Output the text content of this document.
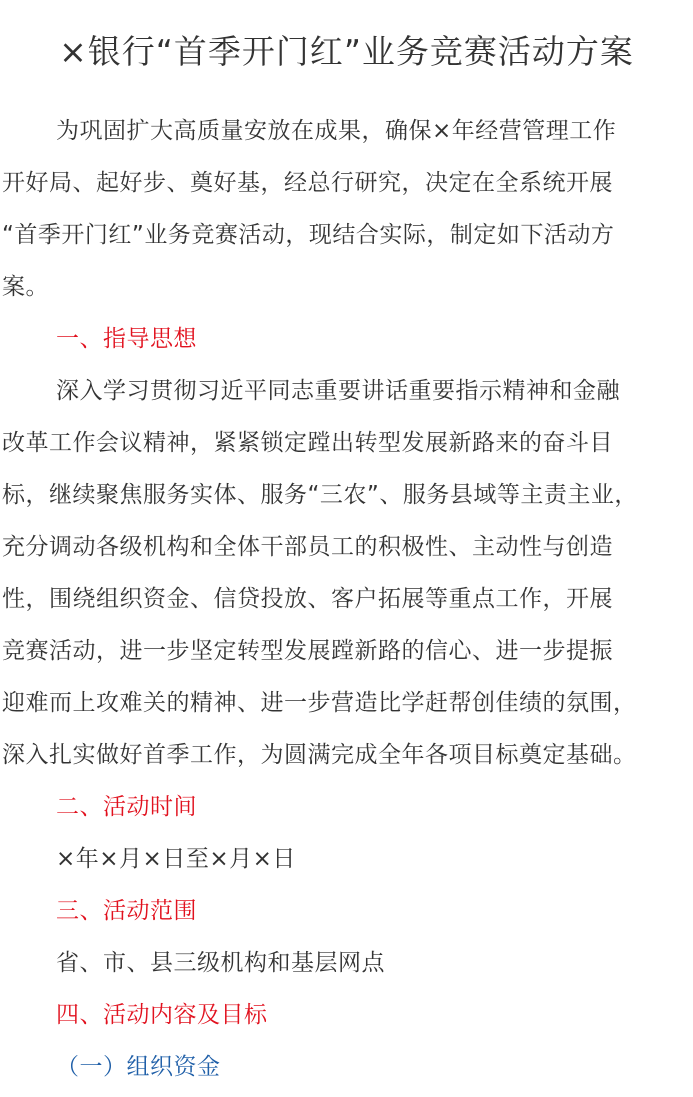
×银行“首季开门红”业务竞赛活动方案
为巩固扩大高质量安放在成果，确保×年经营管理工作
开好局、起好步、奠好基，经总行研究，决定在全系统开展
“首季开门红”业务竞赛活动，现结合实际，制定如下活动方
案。
一、指导思想
深入学习贯彻习近平同志重要讲话重要指示精神和金融
改革工作会议精神，紧紧锁定蹚出转型发展新路来的奋斗目
标，继续聚焦服务实体、服务“三农”、服务县域等主责主业，
充分调动各级机构和全体干部员工的积极性、主动性与创造
性，围绕组织资金、信贷投放、客户拓展等重点工作，开展
竞赛活动，进一步坚定转型发展蹚新路的信心、进一步提振
迎难而上攻难关的精神、进一步营造比学赶帮创佳绩的氛围，
深入扎实做好首季工作，为圆满完成全年各项目标奠定基础。
二、活动时间
×年×月×日至×月×日
三、活动范围
省、市、县三级机构和基层网点
四、活动内容及目标
（一）组织资金
